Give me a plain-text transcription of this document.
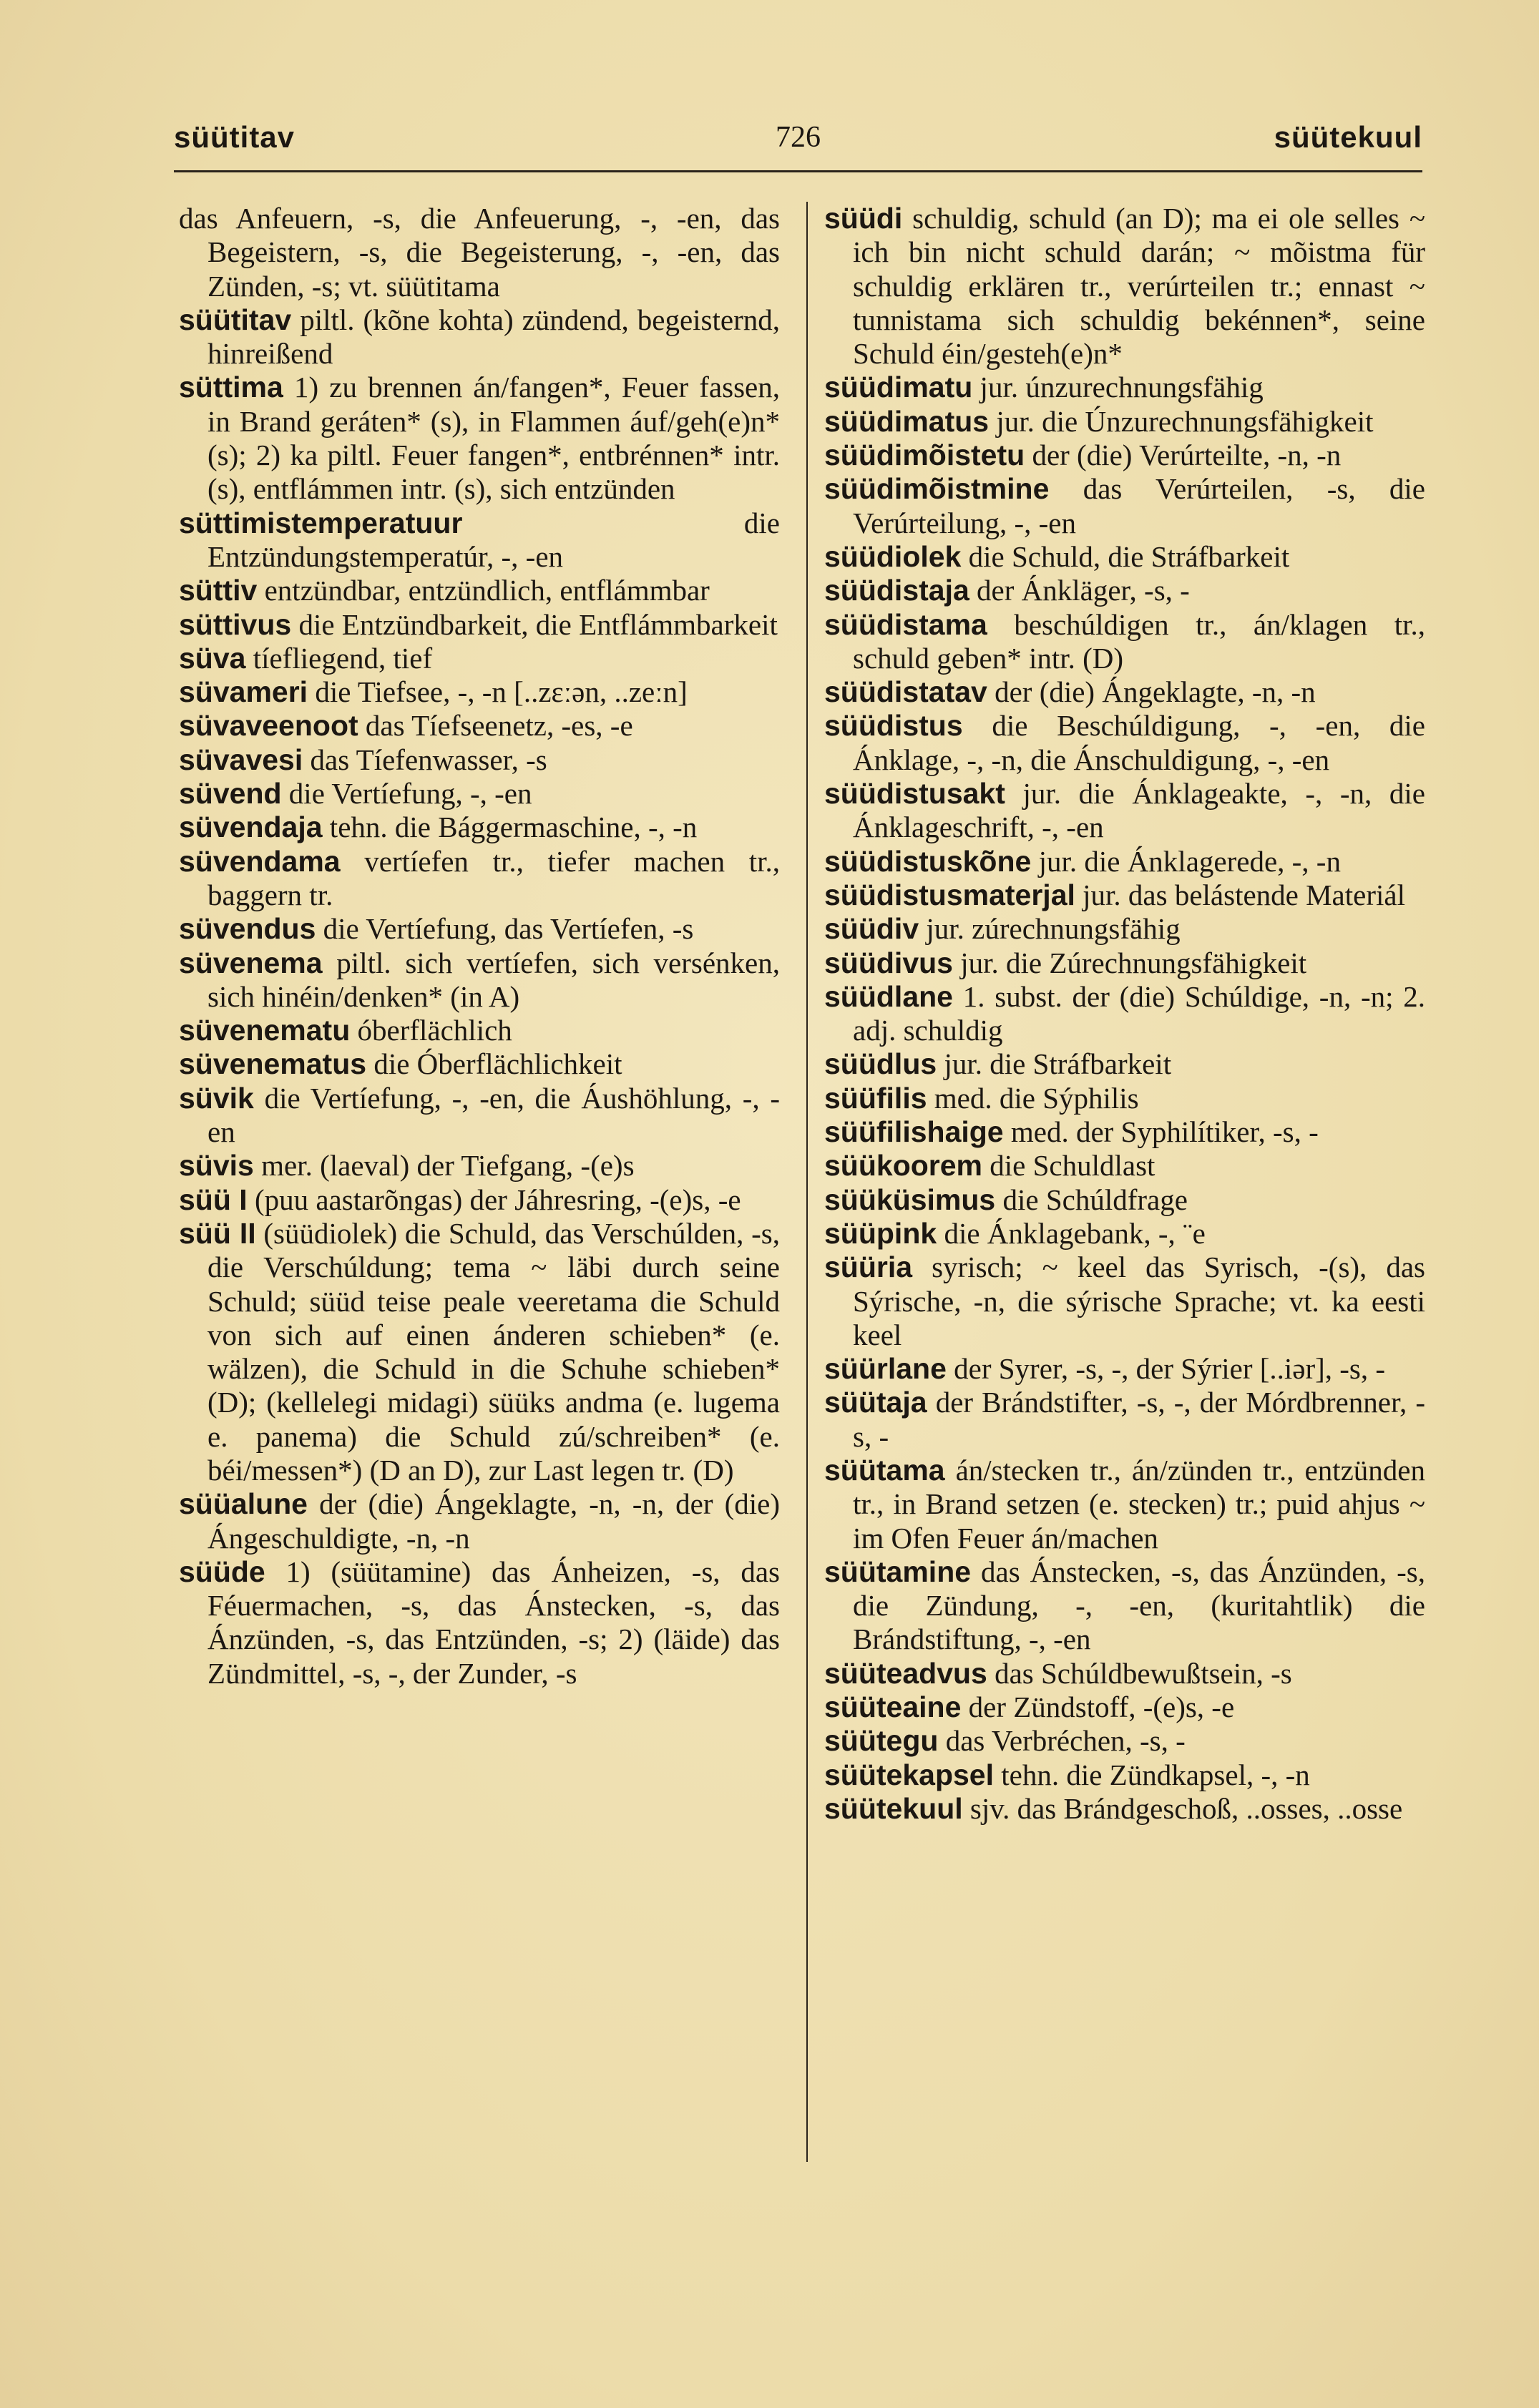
süütitav	726	süütekuul
das Anfeuern, -s, die Anfeuerung, -, -en, das Begeistern, -s, die Begeisterung, -, -en, das Zünden, -s; vt. süütitama
süütitav piltl. (kõne kohta) zündend, begeisternd, hinreißend
süttima 1) zu brennen án/fangen*, Feuer fassen, in Brand geráten* (s), in Flammen áuf/geh(e)n* (s); 2) ka piltl. Feuer fangen*, entbrénnen* intr. (s), entflámmen intr. (s), sich entzünden
süttimistemperatuur	die Entzündungstemperatúr, -, -en
süttiv entzündbar, entzündlich, entflámmbar
süttivus die Entzündbarkeit, die Entflámmbarkeit
süva tíefliegend, tief
süvameri die Tiefsee, -, -n [..zɛːən, ..zeːn]
süvaveenoot das Tíefseenetz, -es, -e
süvavesi das Tíefenwasser, -s
süvend die Vertíefung, -, -en
süvendaja tehn. die Bággermaschine, -, -n
süvendama vertíefen tr., tiefer machen tr., baggern tr.
süvendus die Vertíefung, das Vertíefen, -s
süvenema piltl. sich vertíefen, sich versénken, sich hinéin/denken* (in A)
süvenematu óberflächlich
süvenematus die Óberflächlichkeit
süvik die Vertíefung, -, -en, die Áushöhlung, -, -en
süvis mer. (laeval) der Tiefgang, -(e)s
süü I (puu aastarõngas) der Jáhresring, -(e)s, -e
süü II (süüdiolek) die Schuld, das Verschúlden, -s, die Verschúldung; tema ~ läbi durch seine Schuld; süüd teise peale veeretama die Schuld von sich auf einen ánderen schieben* (e. wälzen), die Schuld in die Schuhe schieben* (D); (kellelegi midagi) süüks andma (e. lugema e. panema) die Schuld zú/schreiben* (e. béi/messen*) (D an D), zur Last legen tr. (D)
süüalune der (die) Ángeklagte, -n, -n, der (die) Ángeschuldigte, -n, -n
süüde 1) (süütamine) das Ánheizen, -s, das Féuermachen, -s, das Ánstecken, -s, das Ánzünden, -s, das Entzünden, -s; 2) (läide) das Zündmittel, -s, -, der Zunder, -s
süüdi schuldig, schuld (an D); ma ei ole selles ~ ich bin nicht schuld darán; ~ mõistma für schuldig erklären tr., verúrteilen tr.; ennast ~ tunnistama sich schuldig bekénnen*, seine Schuld éin/gesteh(e)n*
süüdimatu jur. únzurechnungsfähig
süüdimatus jur. die Únzurechnungsfähigkeit
süüdimõistetu der (die) Verúrteilte, -n, -n
süüdimõistmine das Verúrteilen, -s, die Verúrteilung, -, -en
süüdiolek die Schuld, die Stráfbarkeit
süüdistaja der Ánkläger, -s, -
süüdistama beschúldigen tr., án/klagen tr., schuld geben* intr. (D)
süüdistatav der (die) Ángeklagte, -n, -n
süüdistus die Beschúldigung, -, -en, die Ánklage, -, -n, die Ánschuldigung, -, -en
süüdistusakt jur. die Ánklageakte, -, -n, die Ánklageschrift, -, -en
süüdistuskõne jur. die Ánklagerede, -, -n
süüdistusmaterjal jur. das belástende Materiál
süüdiv jur. zúrechnungsfähig
süüdivus jur. die Zúrechnungsfähigkeit
süüdlane 1. subst. der (die) Schúldige, -n, -n; 2. adj. schuldig
süüdlus jur. die Stráfbarkeit
süüfilis med. die Sýphilis
süüfilishaige med. der Syphilítiker, -s, -
süükoorem die Schuldlast
süüküsimus die Schúldfrage
süüpink die Ánklagebank, -, ¨e
süüria syrisch; ~ keel das Syrisch, -(s), das Sýrische, -n, die sýrische Sprache; vt. ka eesti keel
süürlane der Syrer, -s, -, der Sýrier [..iər], -s, -
süütaja der Brándstifter, -s, -, der Mórdbrenner, -s, -
süütama án/stecken tr., án/zünden tr., entzünden tr., in Brand setzen (e. stecken) tr.; puid ahjus ~ im Ofen Feuer án/machen
süütamine das Ánstecken, -s, das Ánzünden, -s, die Zündung, -, -en, (kuritahtlik) die Brándstiftung, -, -en
süüteadvus das Schúldbewußtsein, -s
süüteaine der Zündstoff, -(e)s, -e
süütegu das Verbréchen, -s, -
süütekapsel tehn. die Zündkapsel, -, -n
süütekuul sjv. das Brándgeschoß, ..osses, ..osse
